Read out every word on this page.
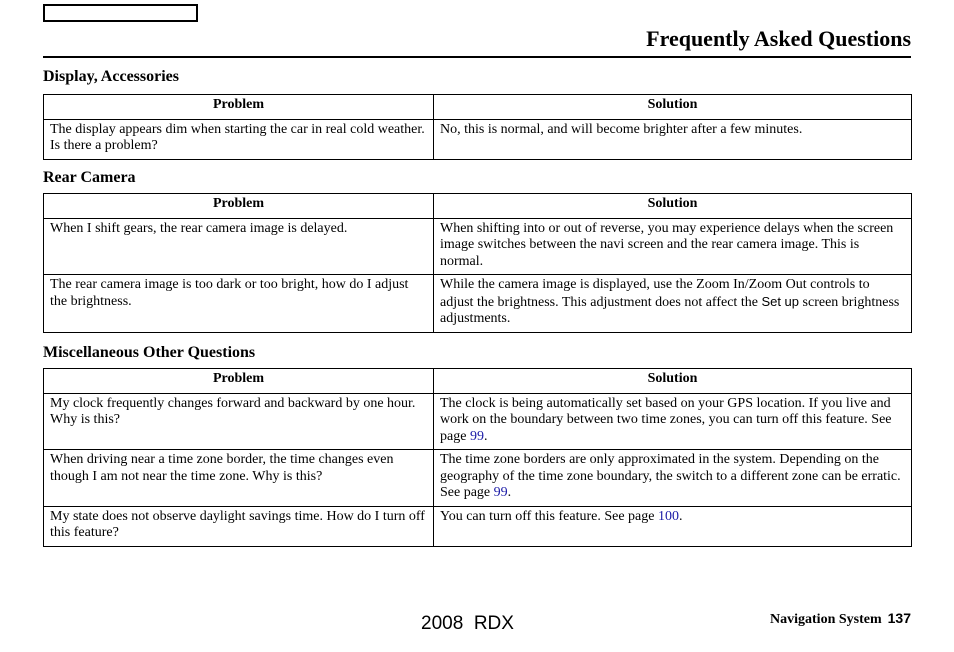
Frequently Asked Questions
Display, Accessories
Problem	Solution
The display appears dim when starting the car in real cold weather. Is there a problem?	No, this is normal, and will become brighter after a few minutes.
Rear Camera
Problem	Solution
When I shift gears, the rear camera image is delayed.	When shifting into or out of reverse, you may experience delays when the screen image switches between the navi screen and the rear camera image. This is normal.
The rear camera image is too dark or too bright, how do I adjust the brightness.	While the camera image is displayed, use the Zoom In/Zoom Out controls to adjust the brightness. This adjustment does not affect the Set up screen brightness adjustments.
Miscellaneous Other Questions
Problem	Solution
My clock frequently changes forward and backward by one hour. Why is this?	The clock is being automatically set based on your GPS location. If you live and work on the boundary between two time zones, you can turn off this feature. See page 99.
When driving near a time zone border, the time changes even though I am not near the time zone. Why is this?	The time zone borders are only approximated in the system. Depending on the geography of the time zone boundary, the switch to a different zone can be erratic. See page 99.
My state does not observe daylight savings time. How do I turn off this feature?	You can turn off this feature. See page 100.
2008  RDX	Navigation System 137
